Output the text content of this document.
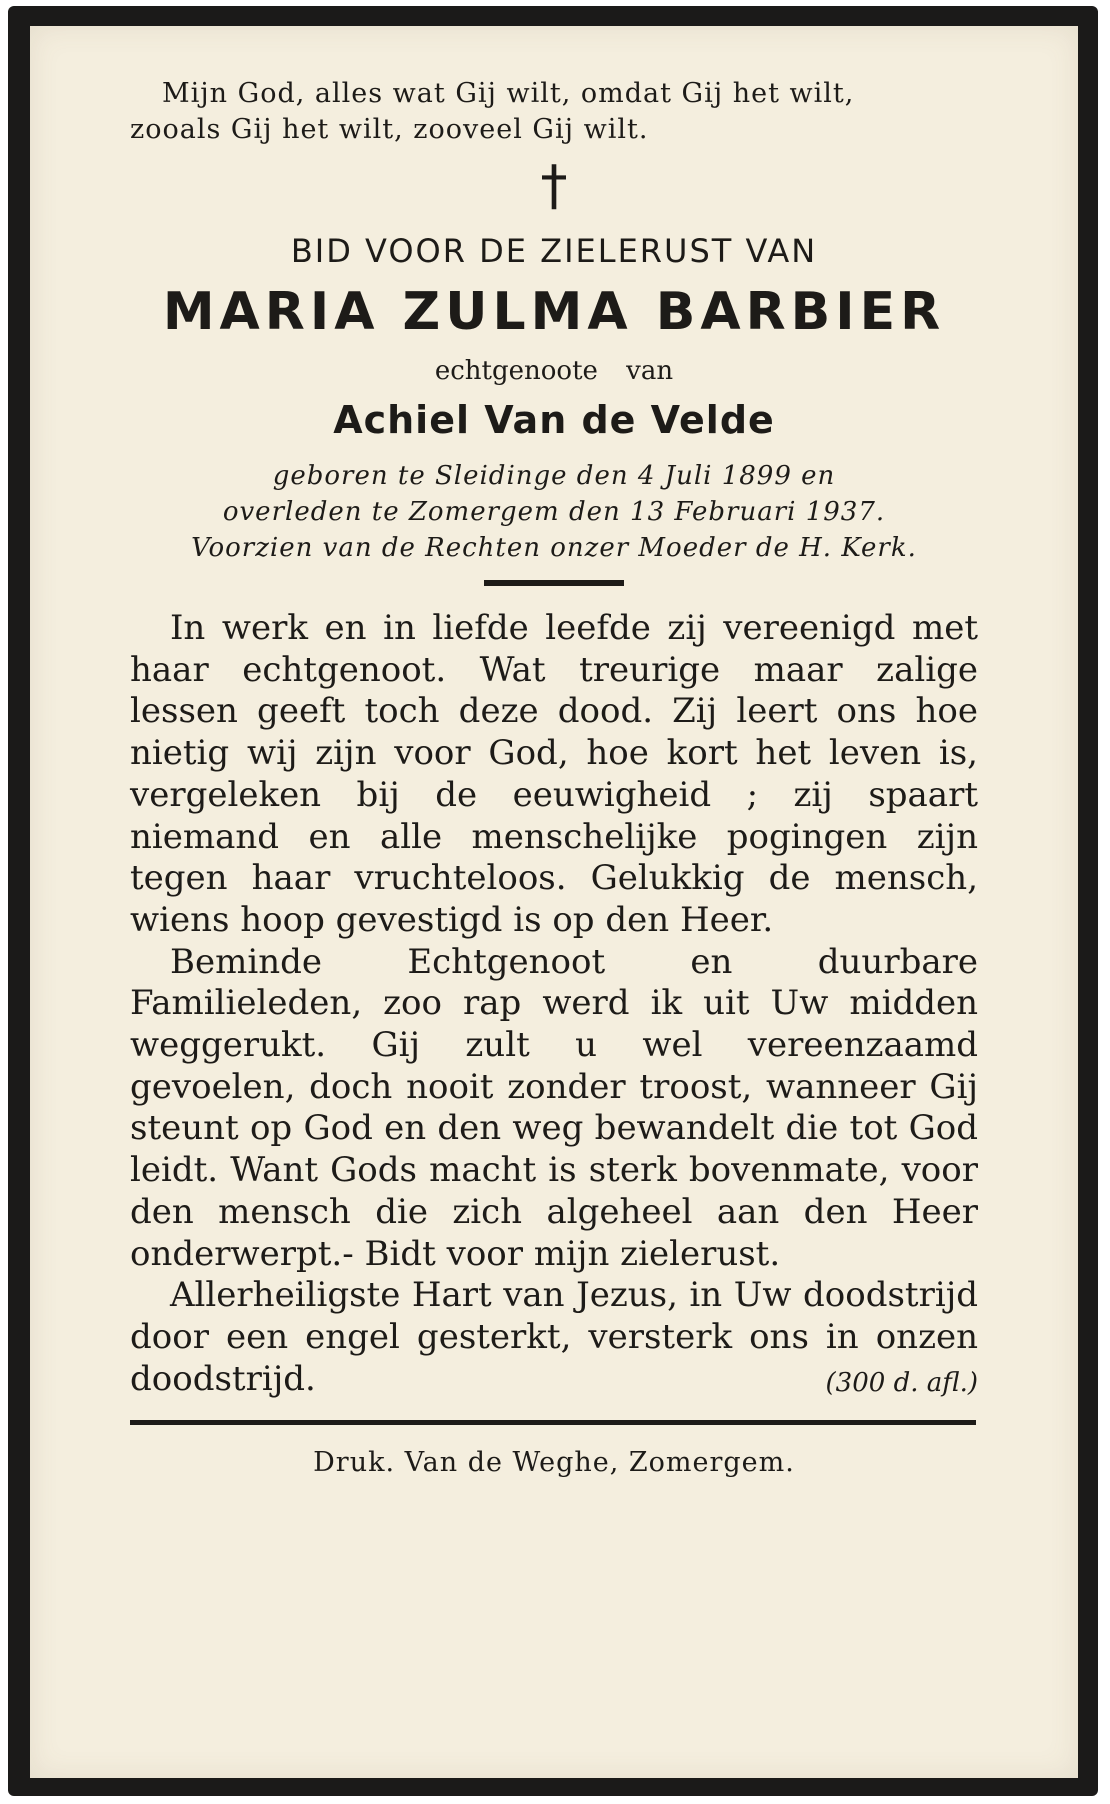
Mijn God, alles wat Gij wilt, omdat Gij het wilt,
zooals Gij het wilt, zooveel Gij wilt.
†
BID VOOR DE ZIELERUST VAN
MARIA ZULMA BARBIER
echtgenoote van
Achiel Van de Velde
geboren te Sleidinge den 4 Juli 1899 en
overleden te Zomergem den 13 Februari 1937.
Voorzien van de Rechten onzer Moeder de H. Kerk.

In werk en in liefde leefde zij vereenigd met haar echtgenoot. Wat treurige maar zalige lessen geeft toch deze dood. Zij leert ons hoe nietig wij zijn voor God, hoe kort het leven is, vergeleken bij de eeuwigheid ; zij spaart niemand en alle menschelijke pogingen zijn tegen haar vruchteloos. Gelukkig de mensch, wiens hoop gevestigd is op den Heer.

Beminde Echtgenoot en duurbare Familieleden, zoo rap werd ik uit Uw midden weggerukt. Gij zult u wel vereenzaamd gevoelen, doch nooit zonder troost, wanneer Gij steunt op God en den weg bewandelt die tot God leidt. Want Gods macht is sterk bovenmate, voor den mensch die zich algeheel aan den Heer onderwerpt.- Bidt voor mijn zielerust.

Allerheiligste Hart van Jezus, in Uw doodstrijd door een engel gesterkt, versterk ons in onzen doodstrijd.	(300 d. afl.)

Druk. Van de Weghe, Zomergem.
